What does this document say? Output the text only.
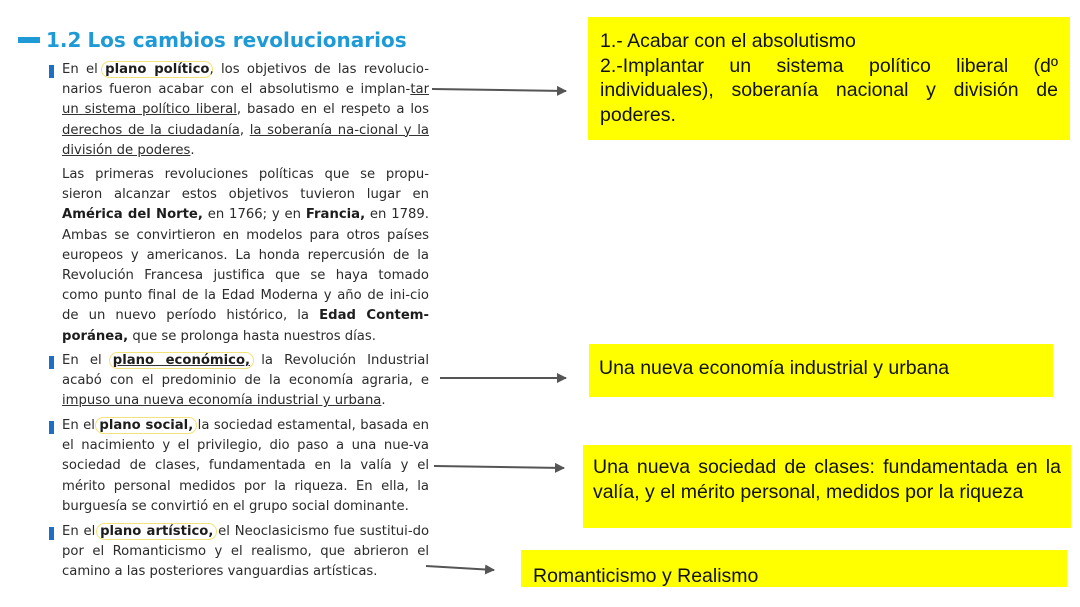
1.2 Los cambios revolucionarios
En el plano político, los objetivos de las revolucio-narios fueron acabar con el absolutismo e implan-tar un sistema político liberal, basado en el respeto a los derechos de la ciudadanía, la soberanía na-cional y la división de poderes.
Las primeras revoluciones políticas que se propu-sieron alcanzar estos objetivos tuvieron lugar en América del Norte, en 1766; y en Francia, en 1789. Ambas se convirtieron en modelos para otros países europeos y americanos. La honda repercusión de la Revolución Francesa justifica que se haya tomado como punto final de la Edad Moderna y año de ini-cio de un nuevo período histórico, la Edad Contem-poránea, que se prolonga hasta nuestros días.
En el plano económico, la Revolución Industrial acabó con el predominio de la economía agraria, e impuso una nueva economía industrial y urbana.
En el plano social, la sociedad estamental, basada en el nacimiento y el privilegio, dio paso a una nue-va sociedad de clases, fundamentada en la valía y el mérito personal medidos por la riqueza. En ella, la burguesía se convirtió en el grupo social dominante.
En el plano artístico, el Neoclasicismo fue sustitui-do por el Romanticismo y el realismo, que abrieron el camino a las posteriores vanguardias artísticas.
1.- Acabar con el absolutismo
2.-Implantar un sistema político liberal (dº individuales), soberanía nacional y división de poderes.
Una nueva economía industrial y urbana
Una nueva sociedad de clases: fundamentada en la valía, y el mérito personal, medidos por la riqueza
Romanticismo y Realismo
